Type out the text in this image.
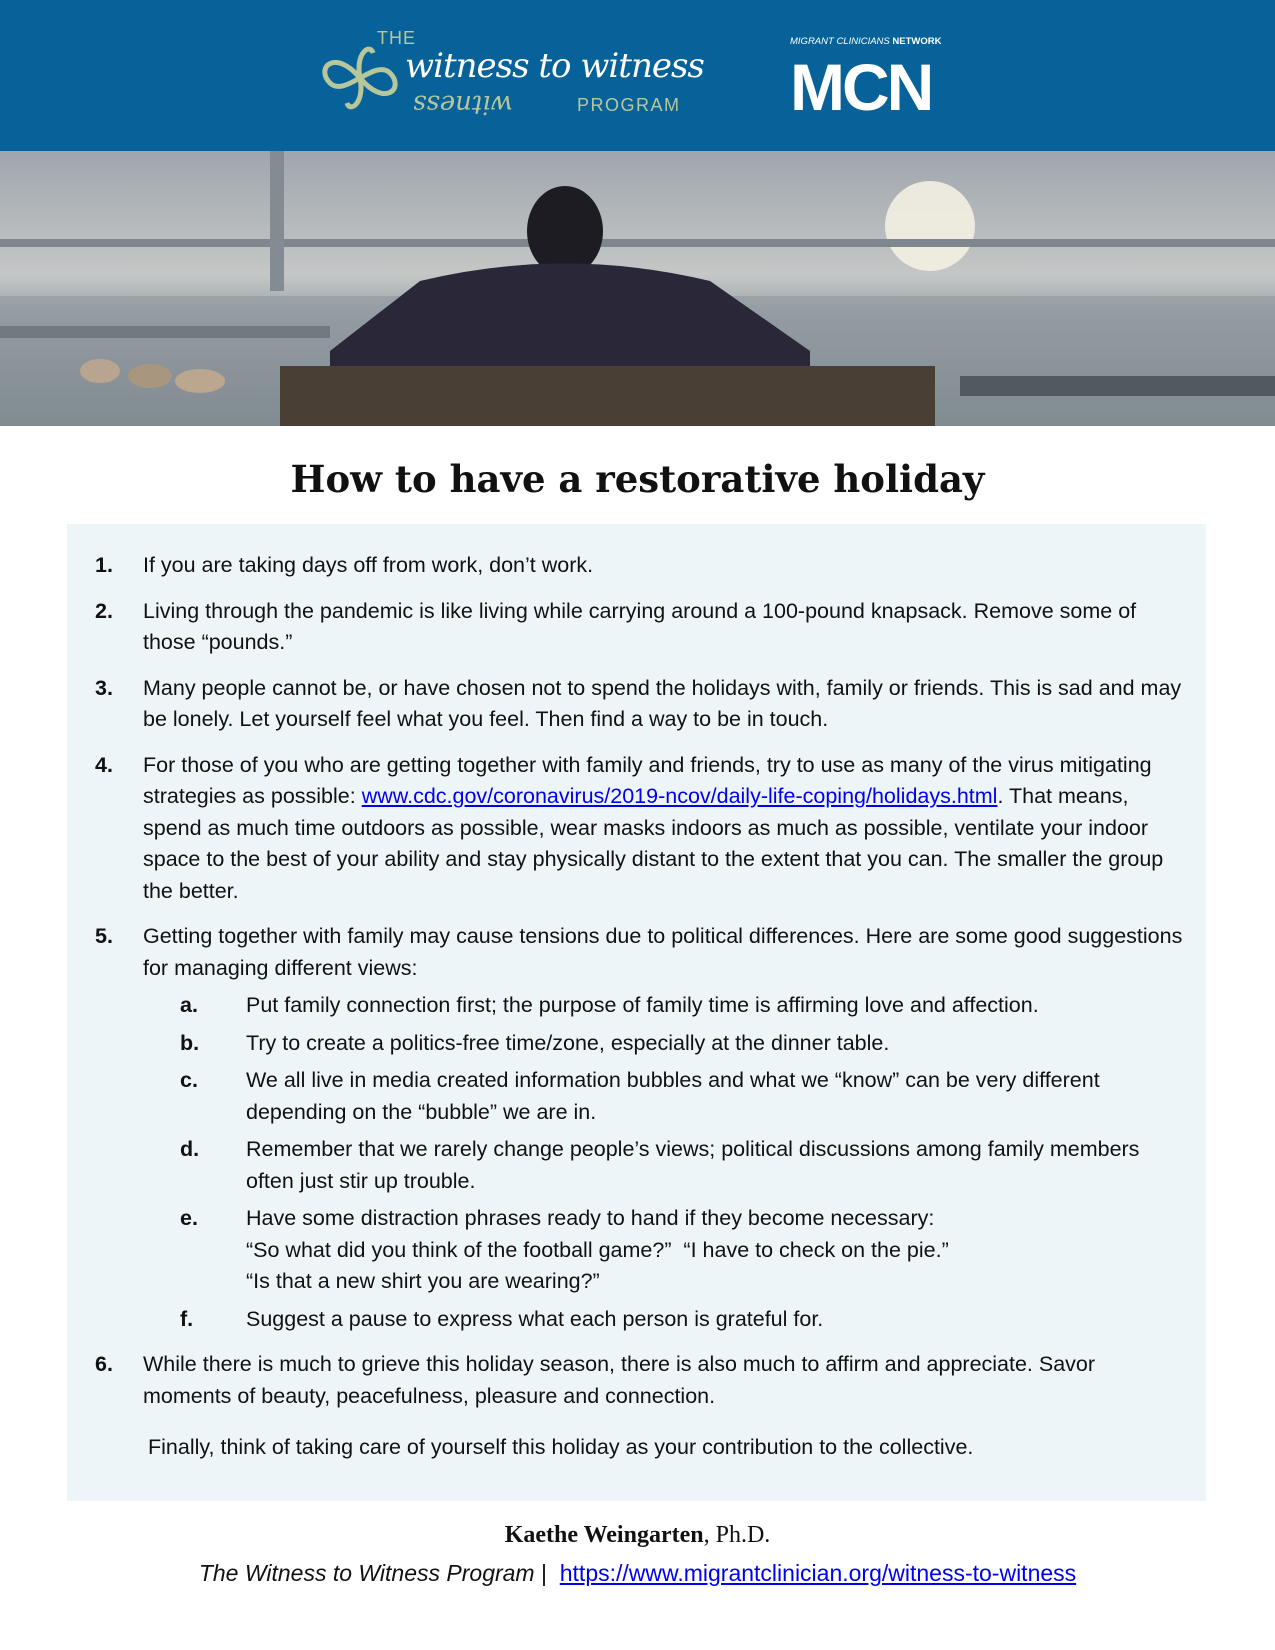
THE
witness to witness
witness	PROGRAM
MIGRANT CLINICIANS NETWORK
MCN
How to have a restorative holiday
1. If you are taking days off from work, don’t work.
2. Living through the pandemic is like living while carrying around a 100-pound knapsack. Remove some of those “pounds.”
3. Many people cannot be, or have chosen not to spend the holidays with, family or friends. This is sad and may be lonely. Let yourself feel what you feel. Then find a way to be in touch.
4. For those of you who are getting together with family and friends, try to use as many of the virus mitigating strategies as possible: www.cdc.gov/coronavirus/2019-ncov/daily-life-coping/holidays.html. That means, spend as much time outdoors as possible, wear masks indoors as much as possible, ventilate your indoor space to the best of your ability and stay physically distant to the extent that you can. The smaller the group the better.
5. Getting together with family may cause tensions due to political differences. Here are some good suggestions for managing different views:
a. Put family connection first; the purpose of family time is affirming love and affection.
b. Try to create a politics-free time/zone, especially at the dinner table.
c. We all live in media created information bubbles and what we “know” can be very different depending on the “bubble” we are in.
d. Remember that we rarely change people’s views; political discussions among family members often just stir up trouble.
e. Have some distraction phrases ready to hand if they become necessary:
“So what did you think of the football game?”  “I have to check on the pie.”
“Is that a new shirt you are wearing?”
f. Suggest a pause to express what each person is grateful for.
6. While there is much to grieve this holiday season, there is also much to affirm and appreciate. Savor moments of beauty, peacefulness, pleasure and connection.
Finally, think of taking care of yourself this holiday as your contribution to the collective.
Kaethe Weingarten, Ph.D.
The Witness to Witness Program |  https://www.migrantclinician.org/witness-to-witness
